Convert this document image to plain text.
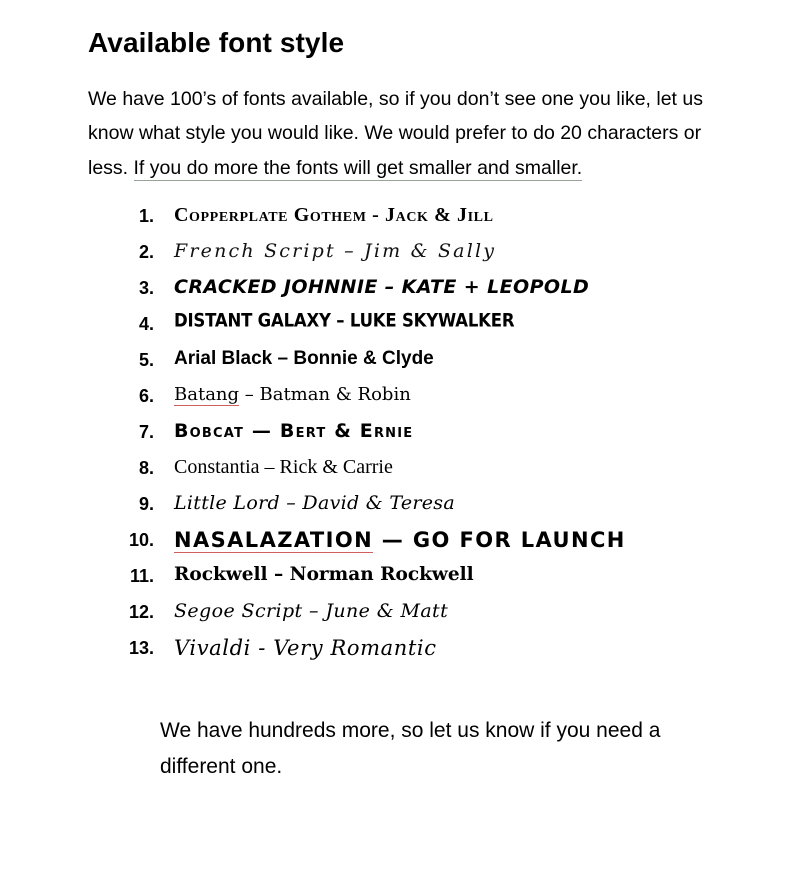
Available font style

We have 100’s of fonts available, so if you don’t see one you like, let us know what style you would like. We would prefer to do 20 characters or less. If you do more the fonts will get smaller and smaller.

Copperplate Gothem - Jack & Jill
French Script – Jim & Sally
CRACKED JOHNNIE – KATE + LEOPOLD
DISTANT GALAXY – LUKE SKYWALKER
Arial Black – Bonnie & Clyde
Batang – Batman & Robin
Bobcat — Bert & Ernie
Constantia – Rick & Carrie
Little Lord – David & Teresa
NASALAZATION — GO FOR LAUNCH
Rockwell – Norman Rockwell
Segoe Script – June & Matt
Vivaldi - Very Romantic

We have hundreds more, so let us know if you need a different one.
